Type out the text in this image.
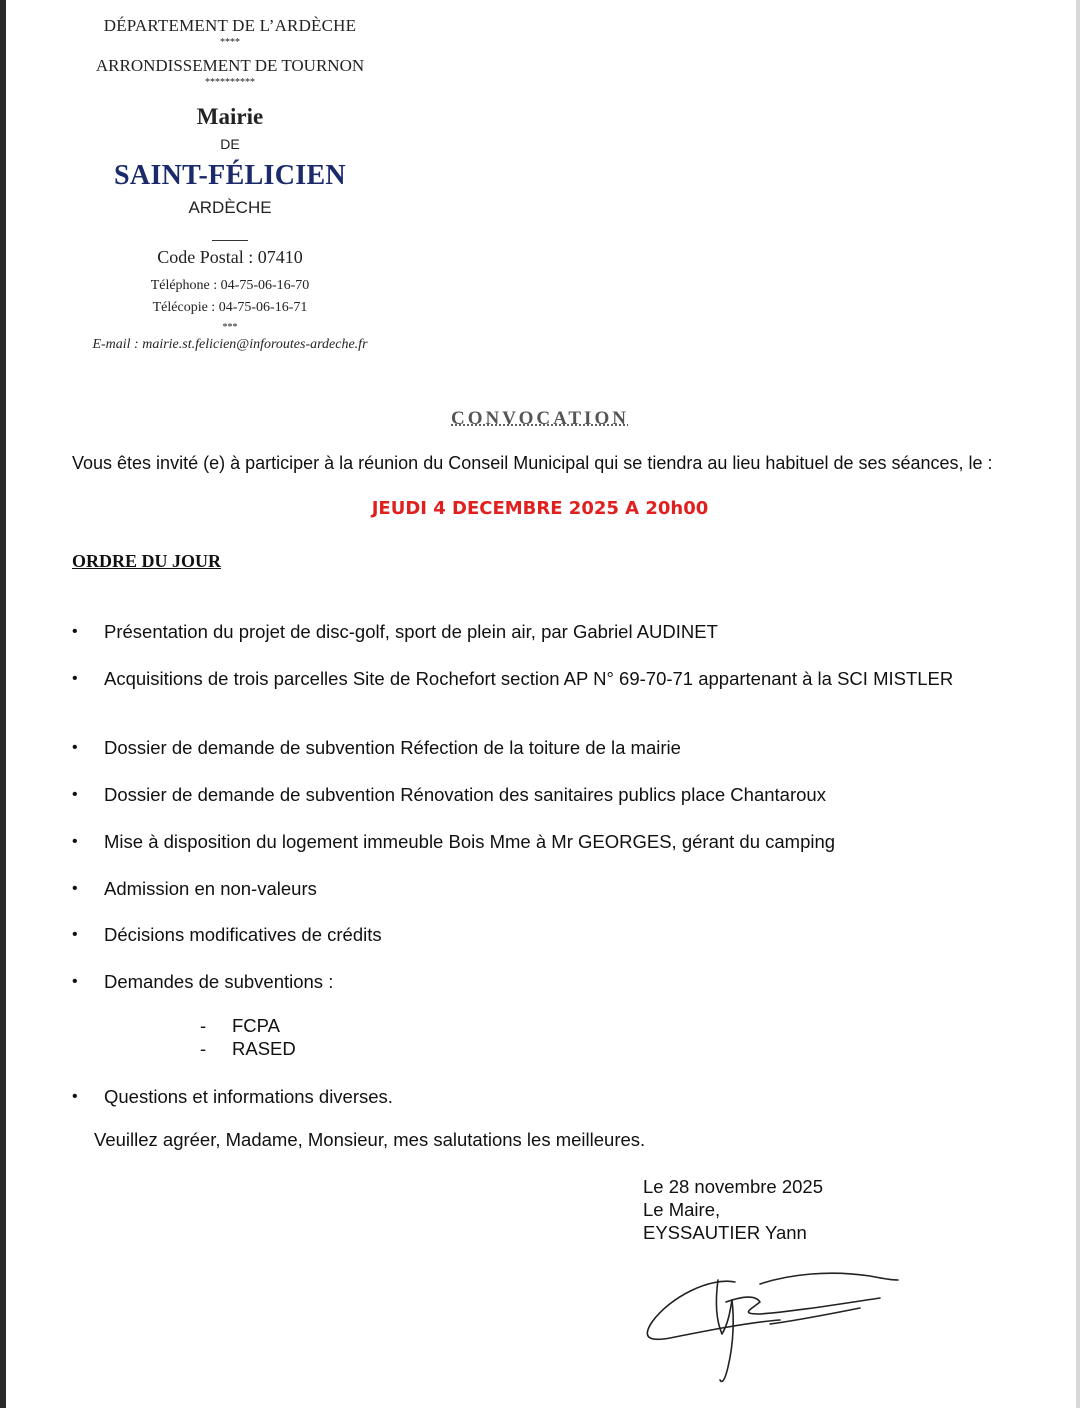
DÉPARTEMENT DE L’ARDÈCHE
****
ARRONDISSEMENT DE TOURNON
**********
Mairie
DE
SAINT-FÉLICIEN
ARDÈCHE
Code Postal : 07410
Téléphone : 04-75-06-16-70
Télécopie : 04-75-06-16-71
***
E-mail : mairie.st.felicien@inforoutes-ardeche.fr
CONVOCATION

Vous êtes invité (e) à participer à la réunion du Conseil Municipal qui se tiendra au lieu habituel de ses séances, le :

JEUDI 4 DECEMBRE 2025 A 20h00
ORDRE DU JOUR
• Présentation du projet de disc-golf, sport de plein air, par Gabriel AUDINET
• Acquisitions de trois parcelles Site de Rochefort section AP N° 69-70-71 appartenant à la SCI MISTLER
• Dossier de demande de subvention Réfection de la toiture de la mairie
• Dossier de demande de subvention Rénovation des sanitaires publics place Chantaroux
• Mise à disposition du logement immeuble Bois Mme à Mr GEORGES, gérant du camping
• Admission en non-valeurs
• Décisions modificatives de crédits
• Demandes de subventions :
• Questions et informations diverses.
- FCPA
- RASED
Veuillez agréer, Madame, Monsieur, mes salutations les meilleures.
Le 28 novembre 2025
Le Maire,
EYSSAUTIER Yann
